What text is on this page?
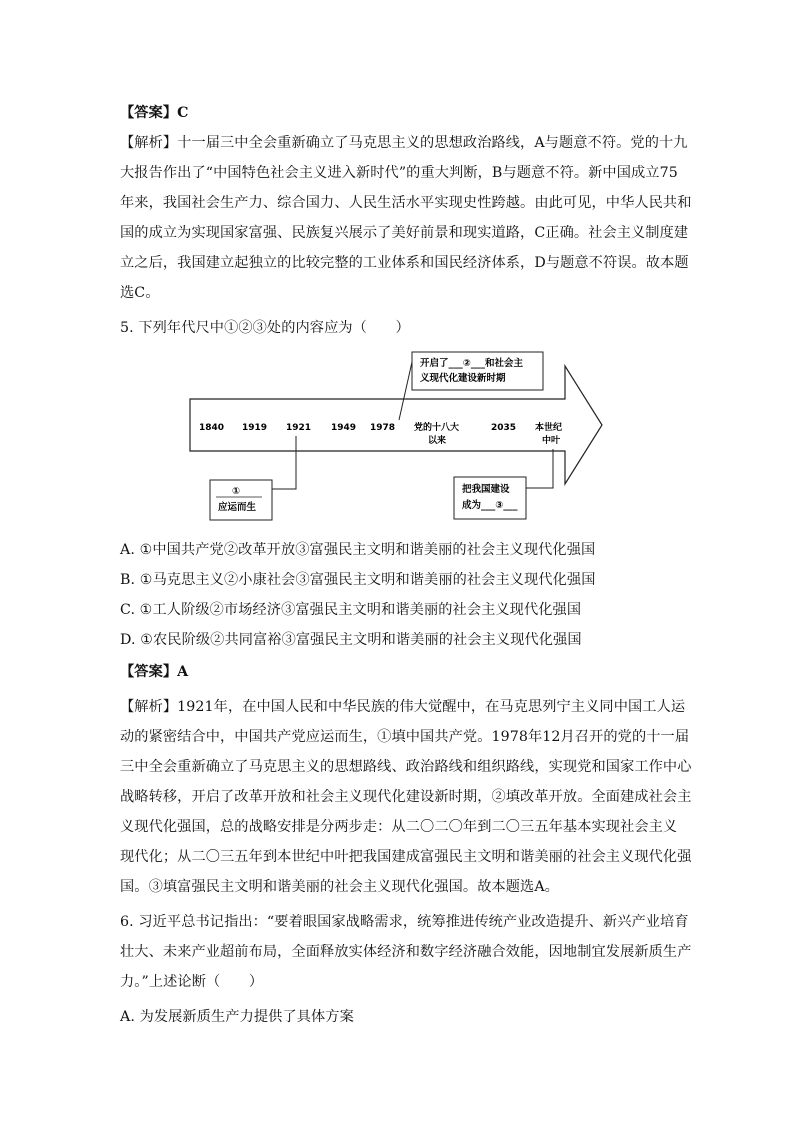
【答案】C
【解析】十一届三中全会重新确立了马克思主义的思想政治路线，A与题意不符。党的十九
大报告作出了“中国特色社会主义进入新时代”的重大判断，B与题意不符。新中国成立75
年来，我国社会生产力、综合国力、人民生活水平实现史性跨越。由此可见，中华人民共和
国的成立为实现国家富强、民族复兴展示了美好前景和现实道路，C正确。社会主义制度建
立之后，我国建立起独立的比较完整的工业体系和国民经济体系，D与题意不符误。故本题
选C。
5. 下列年代尺中①②③处的内容应为（　　）
开启了___②___和社会主
义现代化建设新时期
1840 1919 1921 1949 1978 党的十八大
以来
2035 本世纪
中叶
①
应运而生
把我国建设
成为___③___
A. ①中国共产党②改革开放③富强民主文明和谐美丽的社会主义现代化强国
B. ①马克思主义②小康社会③富强民主文明和谐美丽的社会主义现代化强国
C. ①工人阶级②市场经济③富强民主文明和谐美丽的社会主义现代化强国
D. ①农民阶级②共同富裕③富强民主文明和谐美丽的社会主义现代化强国
【答案】A
【解析】1921年，在中国人民和中华民族的伟大觉醒中，在马克思列宁主义同中国工人运
动的紧密结合中，中国共产党应运而生，①填中国共产党。1978年12月召开的党的十一届
三中全会重新确立了马克思主义的思想路线、政治路线和组织路线，实现党和国家工作中心
战略转移，开启了改革开放和社会主义现代化建设新时期，②填改革开放。全面建成社会主
义现代化强国，总的战略安排是分两步走：从二〇二〇年到二〇三五年基本实现社会主义
现代化；从二〇三五年到本世纪中叶把我国建成富强民主文明和谐美丽的社会主义现代化强
国。③填富强民主文明和谐美丽的社会主义现代化强国。故本题选A。
6. 习近平总书记指出：“要着眼国家战略需求，统筹推进传统产业改造提升、新兴产业培育
壮大、未来产业超前布局，全面释放实体经济和数字经济融合效能，因地制宜发展新质生产
力。”上述论断（　　）
A. 为发展新质生产力提供了具体方案
